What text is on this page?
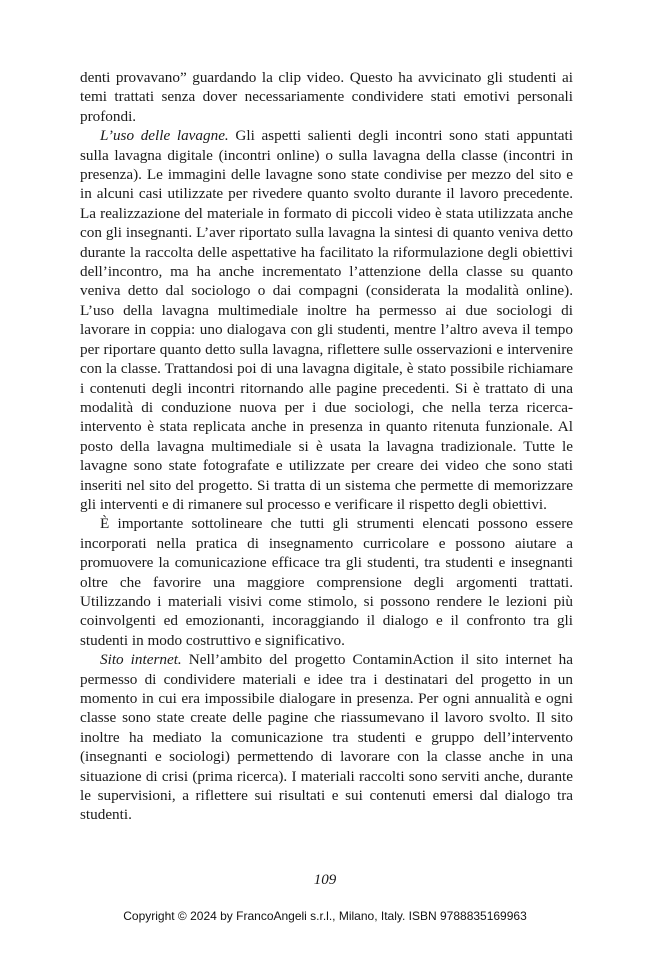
denti provavano” guardando la clip video. Questo ha avvicinato gli studenti ai temi trattati senza dover necessariamente condividere stati emotivi personali profondi.

L’uso delle lavagne. Gli aspetti salienti degli incontri sono stati appuntati sulla lavagna digitale (incontri online) o sulla lavagna della classe (incontri in presenza). Le immagini delle lavagne sono state condivise per mezzo del sito e in alcuni casi utilizzate per rivedere quanto svolto durante il lavoro precedente. La realizzazione del materiale in formato di piccoli video è stata utilizzata anche con gli insegnanti. L’aver riportato sulla lavagna la sintesi di quanto veniva detto durante la raccolta delle aspettative ha facilitato la riformulazione degli obiettivi dell’incontro, ma ha anche incrementato l’attenzione della classe su quanto veniva detto dal sociologo o dai compagni (considerata la modalità online). L’uso della lavagna multimediale inoltre ha permesso ai due sociologi di lavorare in coppia: uno dialogava con gli studenti, mentre l’altro aveva il tempo per riportare quanto detto sulla lavagna, riflettere sulle osservazioni e intervenire con la classe. Trattandosi poi di una lavagna digitale, è stato possibile richiamare i contenuti degli incontri ritornando alle pagine precedenti. Si è trattato di una modalità di conduzione nuova per i due sociologi, che nella terza ricerca-intervento è stata replicata anche in presenza in quanto ritenuta funzionale. Al posto della lavagna multimediale si è usata la lavagna tradizionale. Tutte le lavagne sono state fotografate e utilizzate per creare dei video che sono stati inseriti nel sito del progetto. Si tratta di un sistema che permette di memorizzare gli interventi e di rimanere sul processo e verificare il rispetto degli obiettivi.

È importante sottolineare che tutti gli strumenti elencati possono essere incorporati nella pratica di insegnamento curricolare e possono aiutare a promuovere la comunicazione efficace tra gli studenti, tra studenti e insegnanti oltre che favorire una maggiore comprensione degli argomenti trattati. Utilizzando i materiali visivi come stimolo, si possono rendere le lezioni più coinvolgenti ed emozionanti, incoraggiando il dialogo e il confronto tra gli studenti in modo costruttivo e significativo.

Sito internet. Nell’ambito del progetto ContaminAction il sito internet ha permesso di condividere materiali e idee tra i destinatari del progetto in un momento in cui era impossibile dialogare in presenza. Per ogni annualità e ogni classe sono state create delle pagine che riassumevano il lavoro svolto. Il sito inoltre ha mediato la comunicazione tra studenti e gruppo dell’intervento (insegnanti e sociologi) permettendo di lavorare con la classe anche in una situazione di crisi (prima ricerca). I materiali raccolti sono serviti anche, durante le supervisioni, a riflettere sui risultati e sui contenuti emersi dal dialogo tra studenti.

109
Copyright © 2024 by FrancoAngeli s.r.l., Milano, Italy. ISBN 9788835169963
